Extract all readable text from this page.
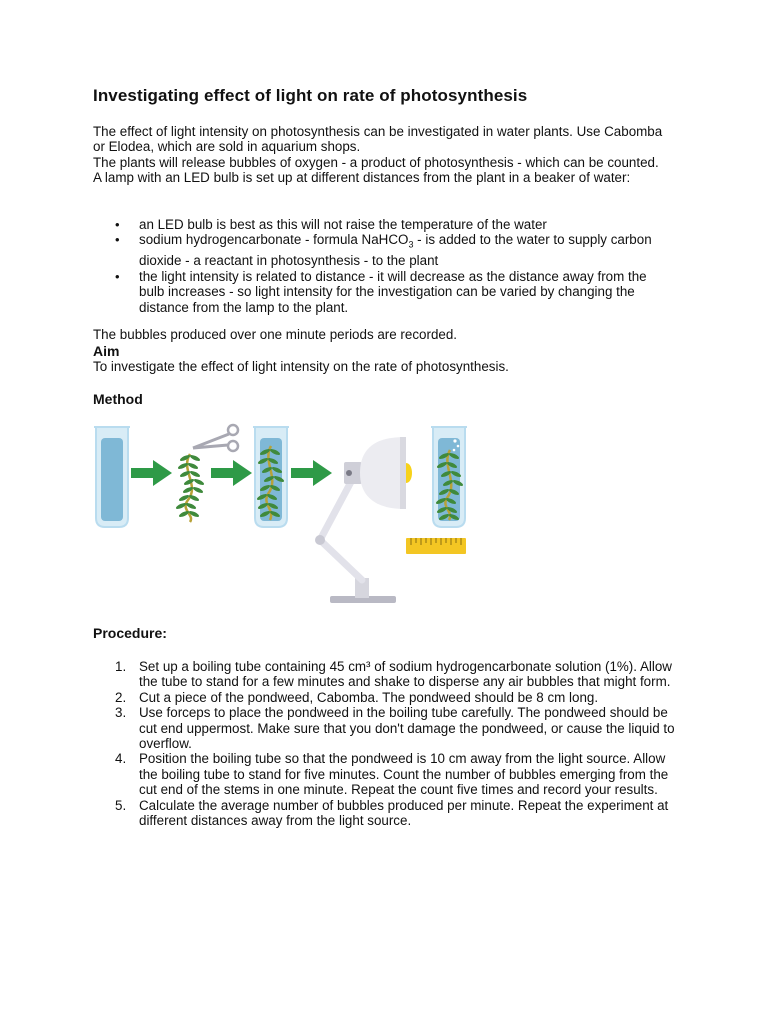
Investigating effect of light on rate of photosynthesis
The effect of light intensity on photosynthesis can be investigated in water plants. Use Cabomba or Elodea, which are sold in aquarium shops.
The plants will release bubbles of oxygen - a product of photosynthesis - which can be counted.
A lamp with an LED bulb is set up at different distances from the plant in a beaker of water:
• an LED bulb is best as this will not raise the temperature of the water
• sodium hydrogencarbonate - formula NaHCO$_3$ - is added to the water to supply carbon dioxide - a reactant in photosynthesis - to the plant
• the light intensity is related to distance - it will decrease as the distance away from the bulb increases - so light intensity for the investigation can be varied by changing the distance from the lamp to the plant.

The bubbles produced over one minute periods are recorded.

Aim

To investigate the effect of light intensity on the rate of photosynthesis.

Method
Procedure:
1. Set up a boiling tube containing 45 cm³ of sodium hydrogencarbonate solution (1%). Allow the tube to stand for a few minutes and shake to disperse any air bubbles that might form.
2. Cut a piece of the pondweed, Cabomba. The pondweed should be 8 cm long.
3. Use forceps to place the pondweed in the boiling tube carefully. The pondweed should be cut end uppermost. Make sure that you don't damage the pondweed, or cause the liquid to overflow.
4. Position the boiling tube so that the pondweed is 10 cm away from the light source. Allow the boiling tube to stand for five minutes. Count the number of bubbles emerging from the cut end of the stems in one minute. Repeat the count five times and record your results.
5. Calculate the average number of bubbles produced per minute. Repeat the experiment at different distances away from the light source.
